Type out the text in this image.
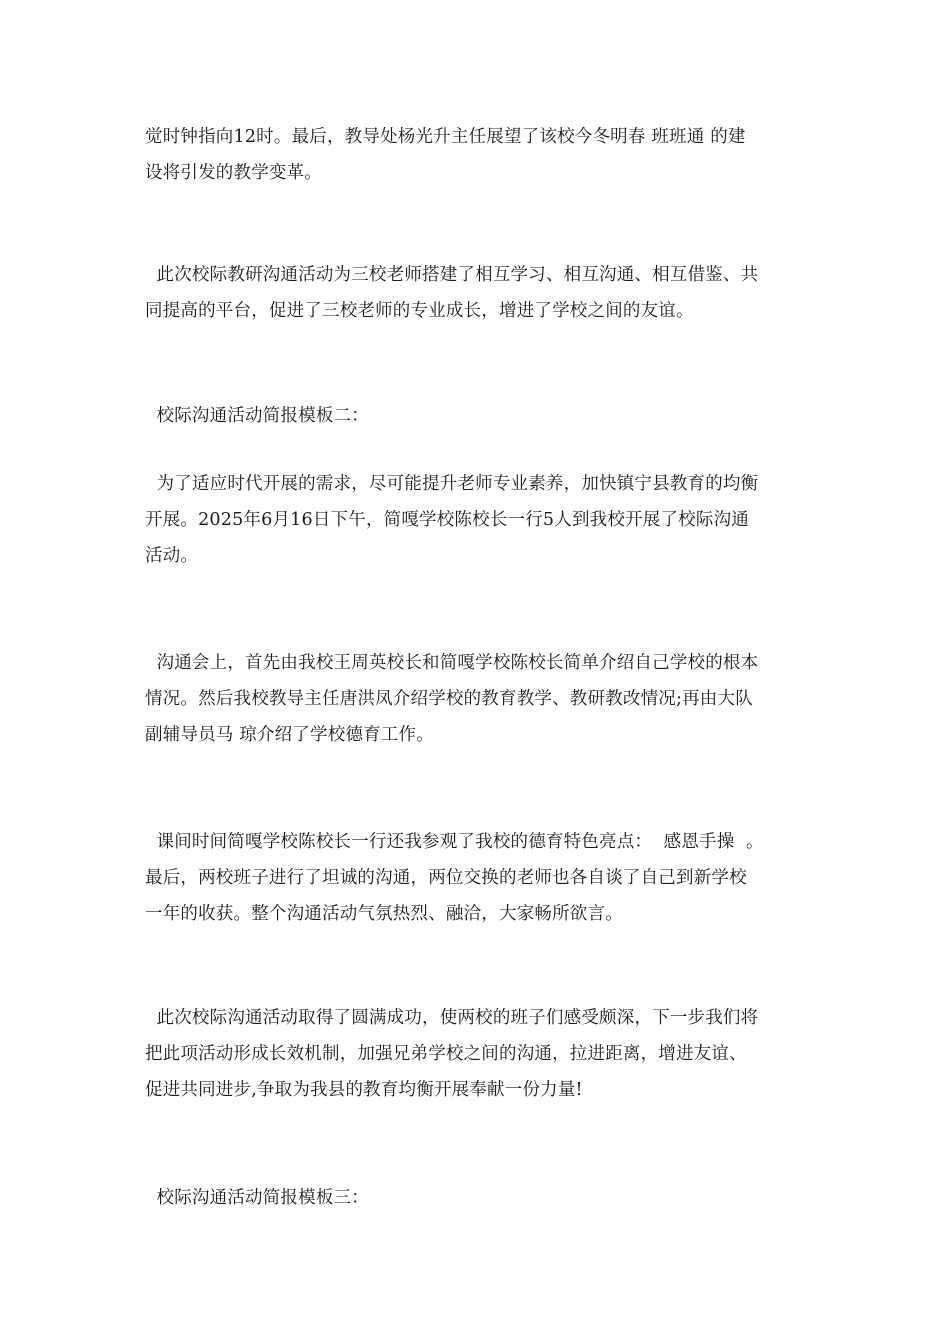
觉时钟指向12时。最后，教导处杨光升主任展望了该校今冬明春 班班通 的建
设将引发的教学变革。
此次校际教研沟通活动为三校老师搭建了相互学习、相互沟通、相互借鉴、共
同提高的平台，促进了三校老师的专业成长，增进了学校之间的友谊。
校际沟通活动简报模板二：
为了适应时代开展的需求，尽可能提升老师专业素养，加快镇宁县教育的均衡
开展。2025年6月16日下午，简嘎学校陈校长一行5人到我校开展了校际沟通
活动。
沟通会上，首先由我校王周英校长和简嘎学校陈校长简单介绍自己学校的根本
情况。然后我校教导主任唐洪凤介绍学校的教育教学、教研教改情况;再由大队
副辅导员马 琼介绍了学校德育工作。
课间时间简嘎学校陈校长一行还我参观了我校的德育特色亮点：  感恩手操  。
最后，两校班子进行了坦诚的沟通，两位交换的老师也各自谈了自己到新学校
一年的收获。整个沟通活动气氛热烈、融洽，大家畅所欲言。
此次校际沟通活动取得了圆满成功，使两校的班子们感受颇深，下一步我们将
把此项活动形成长效机制，加强兄弟学校之间的沟通，拉进距离，增进友谊、
促进共同进步,争取为我县的教育均衡开展奉献一份力量!
校际沟通活动简报模板三：
